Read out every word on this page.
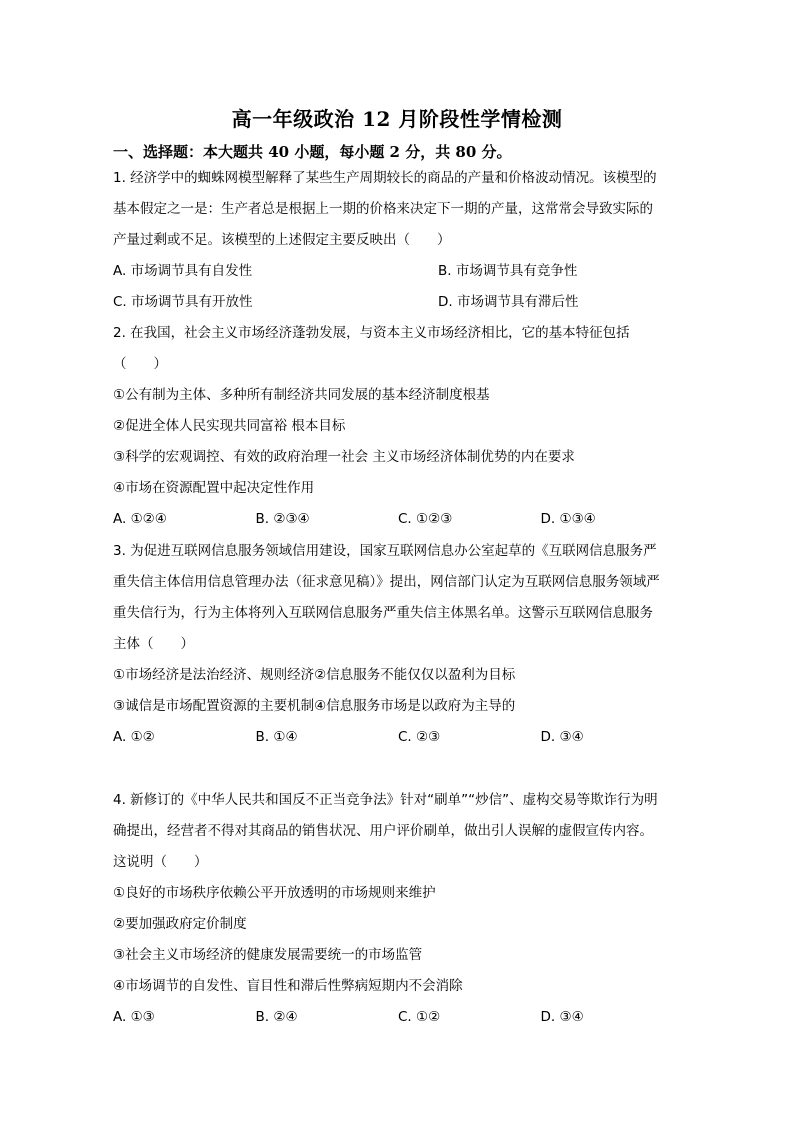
高一年级政治 12 月阶段性学情检测
一、选择题：本大题共 40 小题，每小题 2 分，共 80 分。
1. 经济学中的蜘蛛网模型解释了某些生产周期较长的商品的产量和价格波动情况。该模型的
基本假定之一是：生产者总是根据上一期的价格来决定下一期的产量，这常常会导致实际的
产量过剩或不足。该模型的上述假定主要反映出（　　）
A. 市场调节具有自发性	B. 市场调节具有竞争性
C. 市场调节具有开放性	D. 市场调节具有滞后性
2. 在我国，社会主义市场经济蓬勃发展，与资本主义市场经济相比，它的基本特征包括
（　　）
①公有制为主体、多种所有制经济共同发展的基本经济制度根基
②促进全体人民实现共同富裕 根本目标
③科学的宏观调控、有效的政府治理一社会 主义市场经济体制优势的内在要求
④市场在资源配置中起决定性作用
A. ①②④	B. ②③④	C. ①②③	D. ①③④
3. 为促进互联网信息服务领域信用建设，国家互联网信息办公室起草的《互联网信息服务严
重失信主体信用信息管理办法（征求意见稿）》提出，网信部门认定为互联网信息服务领域严
重失信行为，行为主体将列入互联网信息服务严重失信主体黑名单。这警示互联网信息服务
主体（　　）
①市场经济是法治经济、规则经济②信息服务不能仅仅以盈利为目标
③诚信是市场配置资源的主要机制④信息服务市场是以政府为主导的
A. ①②	B. ①④	C. ②③	D. ③④
4. 新修订的《中华人民共和国反不正当竞争法》针对“刷单”“炒信”、虚构交易等欺诈行为明
确提出，经营者不得对其商品的销售状况、用户评价刷单，做出引人误解的虚假宣传内容。
这说明（　　）
①良好的市场秩序依赖公平开放透明的市场规则来维护
②要加强政府定价制度
③社会主义市场经济的健康发展需要统一的市场监管
④市场调节的自发性、盲目性和滞后性弊病短期内不会消除
A. ①③	B. ②④	C. ①②	D. ③④
